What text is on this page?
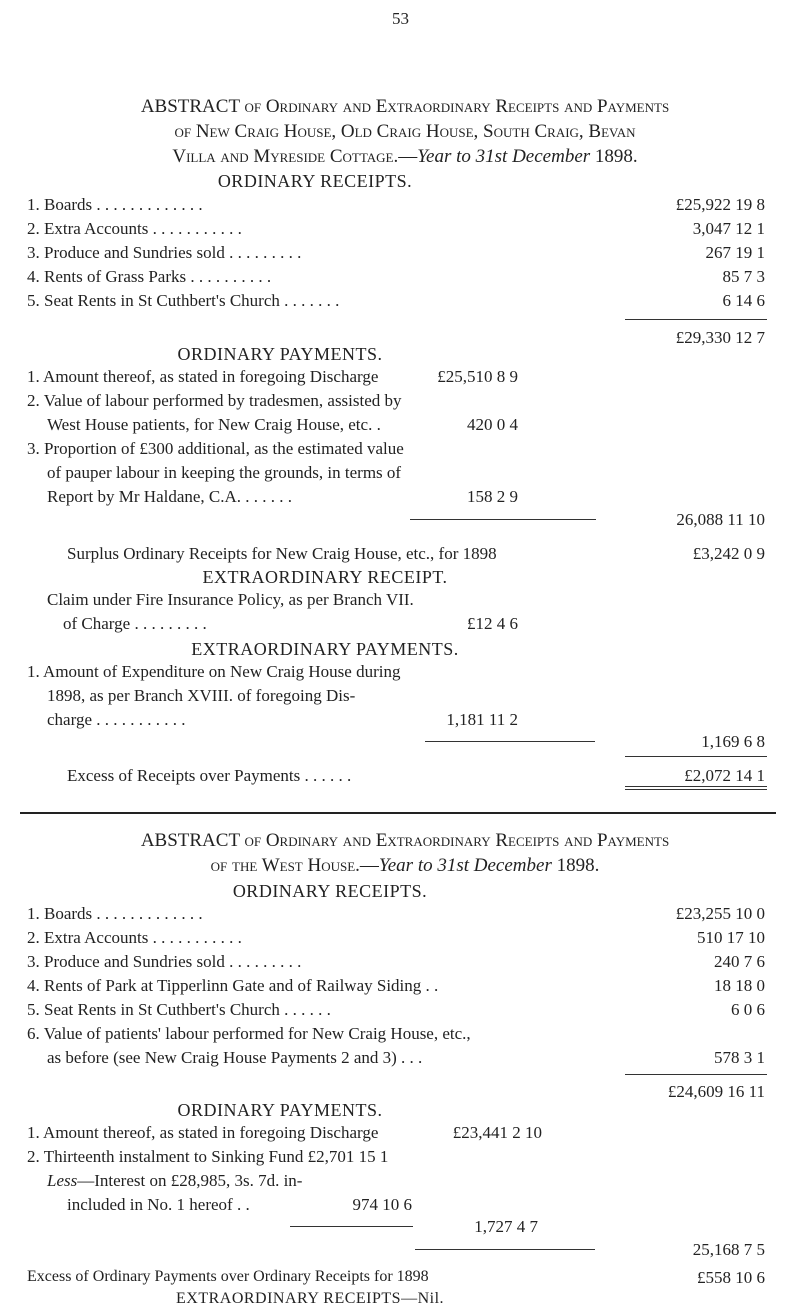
53
ABSTRACT of Ordinary and Extraordinary Receipts and Payments
of New Craig House, Old Craig House, South Craig, Bevan
Villa and Myreside Cottage.—Year to 31st December 1898.
ORDINARY RECEIPTS.
1. Boards . . . . . . . . . . . . .	£25,922 19 8
2. Extra Accounts . . . . . . . . . . .	3,047 12 1
3. Produce and Sundries sold . . . . . . . . .	267 19 1
4. Rents of Grass Parks . . . . . . . . . .	85 7 3
5. Seat Rents in St Cuthbert's Church . . . . . . .	6 14 6
£29,330 12 7
ORDINARY PAYMENTS.
1. Amount thereof, as stated in foregoing Discharge	£25,510 8 9
2. Value of labour performed by tradesmen, assisted by
West House patients, for New Craig House, etc. .	420 0 4
3. Proportion of £300 additional, as the estimated value
of pauper labour in keeping the grounds, in terms of
Report by Mr Haldane, C.A. . . . . . .	158 2 9
26,088 11 10
Surplus Ordinary Receipts for New Craig House, etc., for 1898	£3,242 0 9
EXTRAORDINARY RECEIPT.
Claim under Fire Insurance Policy, as per Branch VII.
of Charge . . . . . . . . .	£12 4 6
EXTRAORDINARY PAYMENTS.
1. Amount of Expenditure on New Craig House during
1898, as per Branch XVIII. of foregoing Dis-
charge . . . . . . . . . . .	1,181 11 2
1,169 6 8
Excess of Receipts over Payments . . . . . .	£2,072 14 1
ABSTRACT of Ordinary and Extraordinary Receipts and Payments
of the West House.—Year to 31st December 1898.
ORDINARY RECEIPTS.
1. Boards . . . . . . . . . . . . .	£23,255 10 0
2. Extra Accounts . . . . . . . . . . .	510 17 10
3. Produce and Sundries sold . . . . . . . . .	240 7 6
4. Rents of Park at Tipperlinn Gate and of Railway Siding . .	18 18 0
5. Seat Rents in St Cuthbert's Church . . . . . .	6 0 6
6. Value of patients' labour performed for New Craig House, etc.,
as before (see New Craig House Payments 2 and 3) . . .	578 3 1
£24,609 16 11
ORDINARY PAYMENTS.
1. Amount thereof, as stated in foregoing Discharge	£23,441 2 10
2. Thirteenth instalment to Sinking Fund £2,701 15 1
Less—Interest on £28,985, 3s. 7d. in-
included in No. 1 hereof . .	974 10 6
1,727 4 7
25,168 7 5
Excess of Ordinary Payments over Ordinary Receipts for 1898	£558 10 6
EXTRAORDINARY RECEIPTS—Nil.
